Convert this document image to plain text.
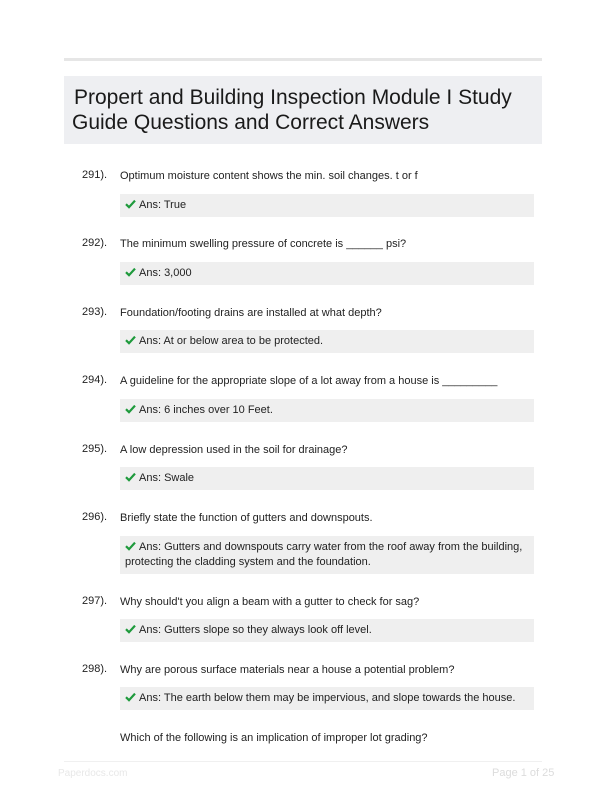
Propert and Building Inspection Module I Study
Guide Questions and Correct Answers
291). Optimum moisture content shows the min. soil changes. t or f
Ans: True
292). The minimum swelling pressure of concrete is ______ psi?
Ans: 3,000
293). Foundation/footing drains are installed at what depth?
Ans: At or below area to be protected.
294). A guideline for the appropriate slope of a lot away from a house is _________
Ans: 6 inches over 10 Feet.
295). A low depression used in the soil for drainage?
Ans: Swale
296). Briefly state the function of gutters and downspouts.
Ans: Gutters and downspouts carry water from the roof away from the building,
protecting the cladding system and the foundation.
297). Why should't you align a beam with a gutter to check for sag?
Ans: Gutters slope so they always look off level.
298). Why are porous surface materials near a house a potential problem?
Ans: The earth below them may be impervious, and slope towards the house.
Which of the following is an implication of improper lot grading?
Paperdocs.com	Page 1 of 25
